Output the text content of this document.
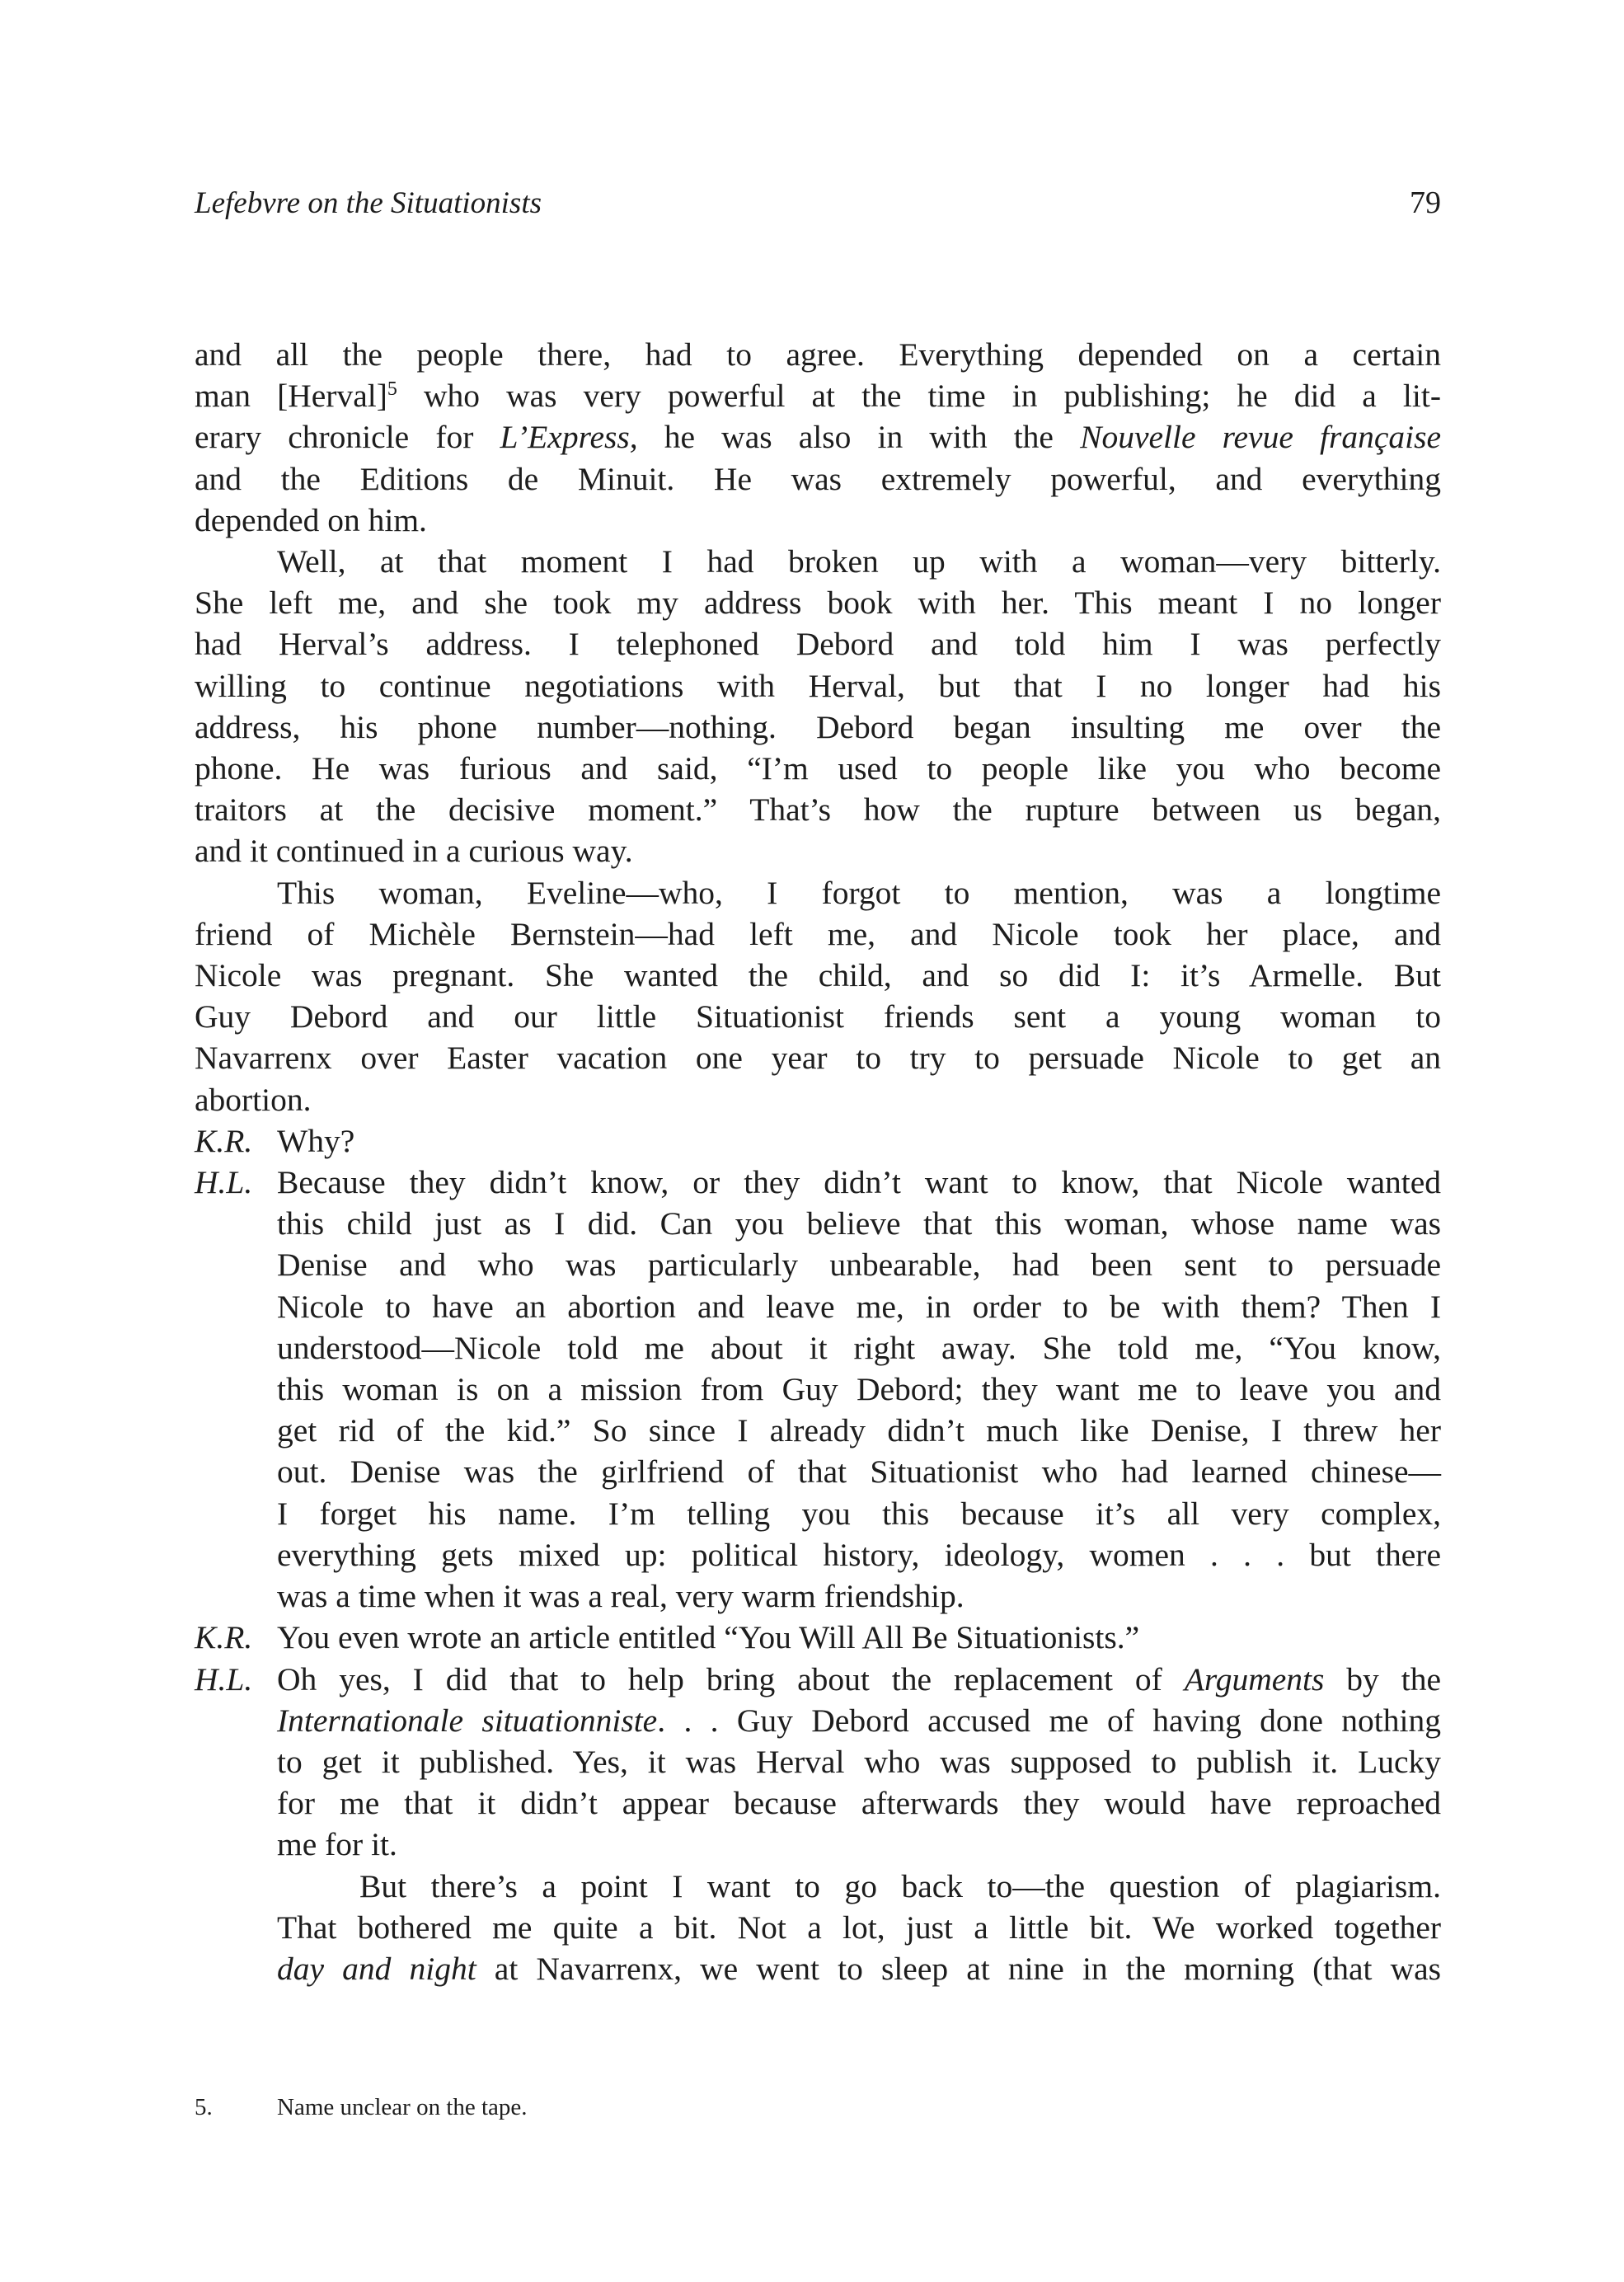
Lefebvre on the Situationists	79
and all the people there, had to agree. Everything depended on a certain
man [Herval]$^5$ who was very powerful at the time in publishing; he did a lit-
erary chronicle for L’Express, he was also in with the Nouvelle revue française
and the Editions de Minuit. He was extremely powerful, and everything
depended on him.
Well, at that moment I had broken up with a woman—very bitterly.
She left me, and she took my address book with her. This meant I no longer
had Herval’s address. I telephoned Debord and told him I was perfectly
willing to continue negotiations with Herval, but that I no longer had his
address, his phone number—nothing. Debord began insulting me over the
phone. He was furious and said, “I’m used to people like you who become
traitors at the decisive moment.” That’s how the rupture between us began,
and it continued in a curious way.
This woman, Eveline—who, I forgot to mention, was a longtime
friend of Michèle Bernstein—had left me, and Nicole took her place, and
Nicole was pregnant. She wanted the child, and so did I: it’s Armelle. But
Guy Debord and our little Situationist friends sent a young woman to
Navarrenx over Easter vacation one year to try to persuade Nicole to get an
abortion.
K.R. Why?
H.L. Because they didn’t know, or they didn’t want to know, that Nicole wanted
this child just as I did. Can you believe that this woman, whose name was
Denise and who was particularly unbearable, had been sent to persuade
Nicole to have an abortion and leave me, in order to be with them? Then I
understood—Nicole told me about it right away. She told me, “You know,
this woman is on a mission from Guy Debord; they want me to leave you and
get rid of the kid.” So since I already didn’t much like Denise, I threw her
out. Denise was the girlfriend of that Situationist who had learned chinese—
I forget his name. I’m telling you this because it’s all very complex,
everything gets mixed up: political history, ideology, women . . . but there
was a time when it was a real, very warm friendship.
K.R. You even wrote an article entitled “You Will All Be Situationists.”
H.L. Oh yes, I did that to help bring about the replacement of Arguments by the
Internationale situationniste. . . Guy Debord accused me of having done nothing
to get it published. Yes, it was Herval who was supposed to publish it. Lucky
for me that it didn’t appear because afterwards they would have reproached
me for it.
But there’s a point I want to go back to—the question of plagiarism.
That bothered me quite a bit. Not a lot, just a little bit. We worked together
day and night at Navarrenx, we went to sleep at nine in the morning (that was
5.	Name unclear on the tape.
